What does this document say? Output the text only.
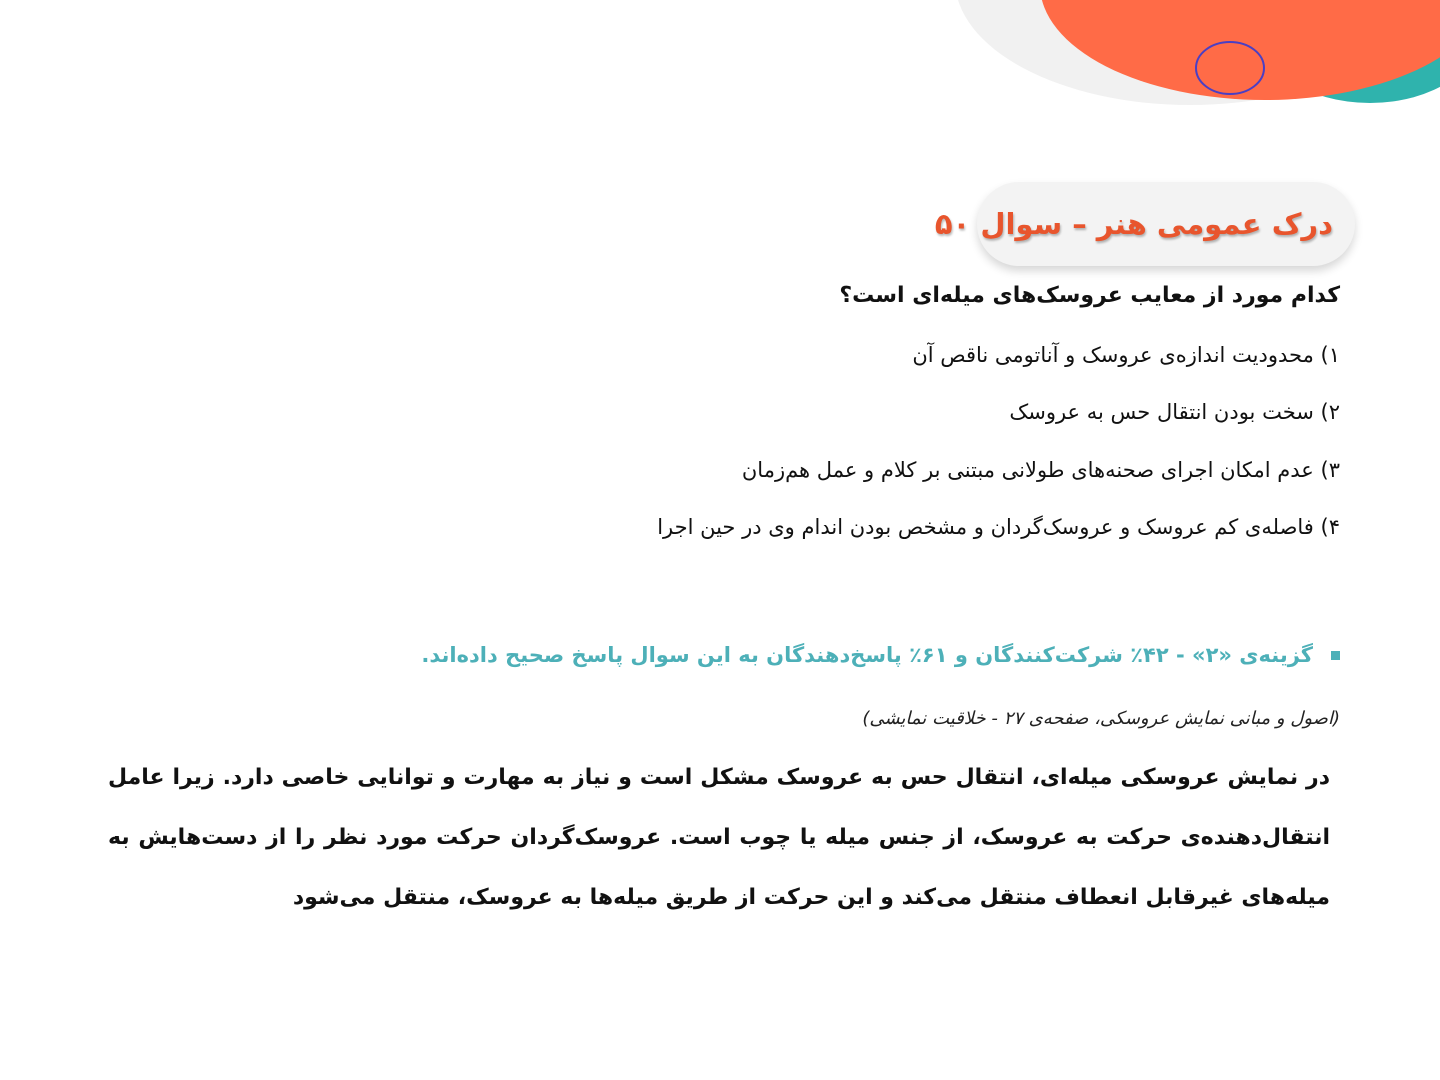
درک عمومی هنر – سوال ۵۰
کدام مورد از معایب عروسک‌های میله‌ای است؟
۱) محدودیت اندازه‌ی عروسک و آناتومی ناقص آن
۲) سخت بودن انتقال حس به عروسک
۳) عدم امکان اجرای صحنه‌های طولانی مبتنی بر کلام و عمل هم‌زمان
۴) فاصله‌ی کم عروسک و عروسک‌گردان و مشخص بودن اندام وی در حین اجرا
گزینه‌ی «۲» - ۴۲٪ شرکت‌کنندگان و ۶۱٪ پاسخ‌دهندگان به این سوال پاسخ صحیح داده‌اند.
(اصول و مبانی نمایش عروسکی، صفحه‌ی ۲۷ - خلاقیت نمایشی)
در نمایش عروسکی میله‌ای، انتقال حس به عروسک مشکل است و نیاز به مهارت و توانایی خاصی دارد. زیرا عامل انتقال‌دهنده‌ی حرکت به عروسک، از جنس میله یا چوب است. عروسک‌گردان حرکت مورد نظر را از دست‌هایش به میله‌های غیرقابل انعطاف منتقل می‌کند و این حرکت از طریق میله‌ها به عروسک، منتقل می‌شود
